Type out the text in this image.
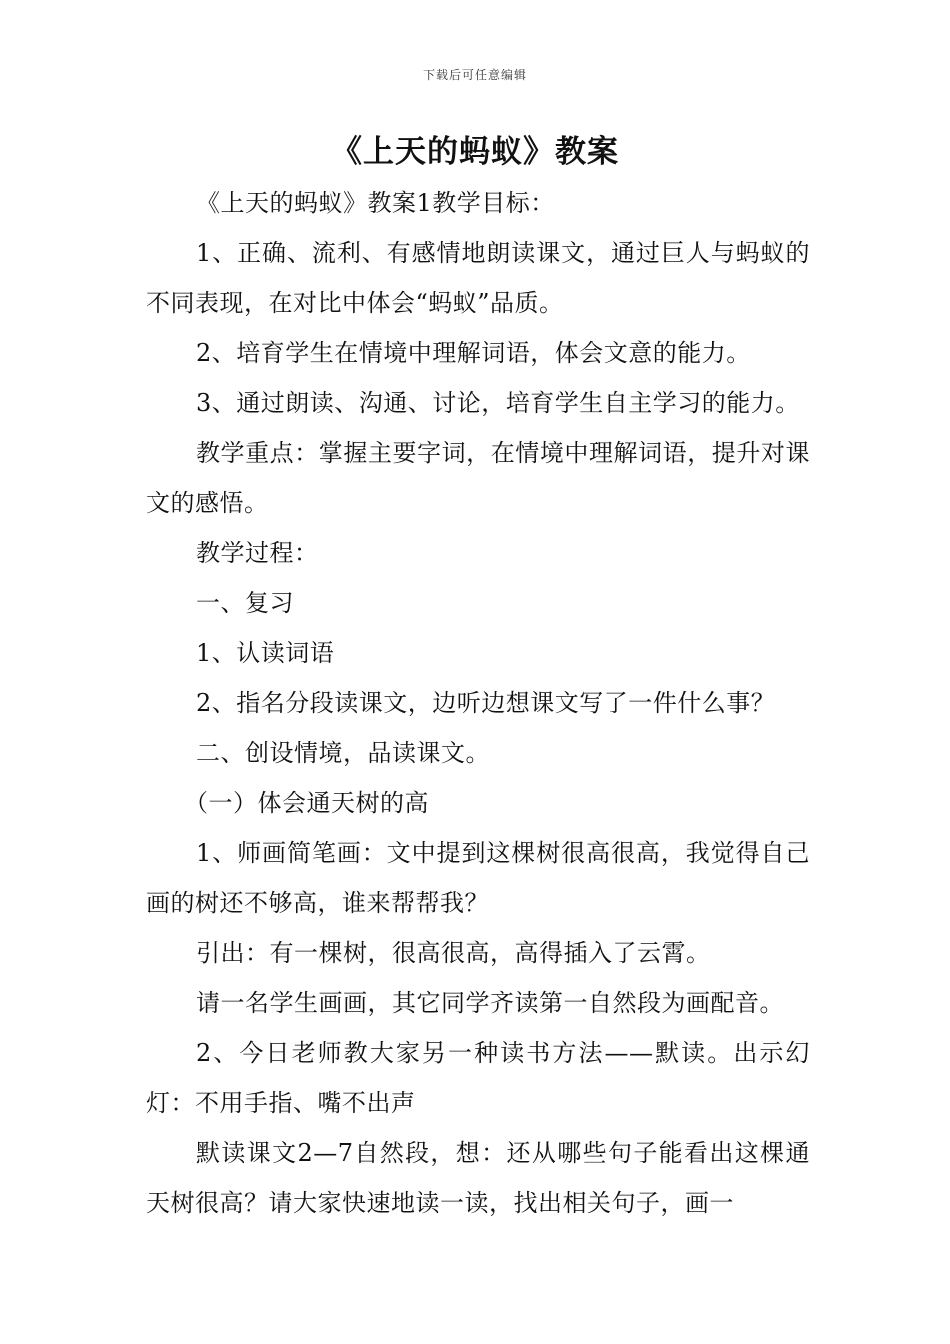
下载后可任意编辑
《上天的蚂蚁》教案

《上天的蚂蚁》教案1教学目标：

1、正确、流利、有感情地朗读课文，通过巨人与蚂蚁的不同表现，在对比中体会“蚂蚁”品质。

2、培育学生在情境中理解词语，体会文意的能力。

3、通过朗读、沟通、讨论，培育学生自主学习的能力。

教学重点：掌握主要字词，在情境中理解词语，提升对课文的感悟。

教学过程：

一、复习

1、认读词语

2、指名分段读课文，边听边想课文写了一件什么事？

二、创设情境，品读课文。

（一）体会通天树的高

1、师画简笔画：文中提到这棵树很高很高，我觉得自己画的树还不够高，谁来帮帮我？

引出：有一棵树，很高很高，高得插入了云霄。

请一名学生画画，其它同学齐读第一自然段为画配音。

2、今日老师教大家另一种读书方法——默读。出示幻灯：不用手指、嘴不出声

默读课文2—7自然段，想：还从哪些句子能看出这棵通天树很高？请大家快速地读一读，找出相关句子，画一
